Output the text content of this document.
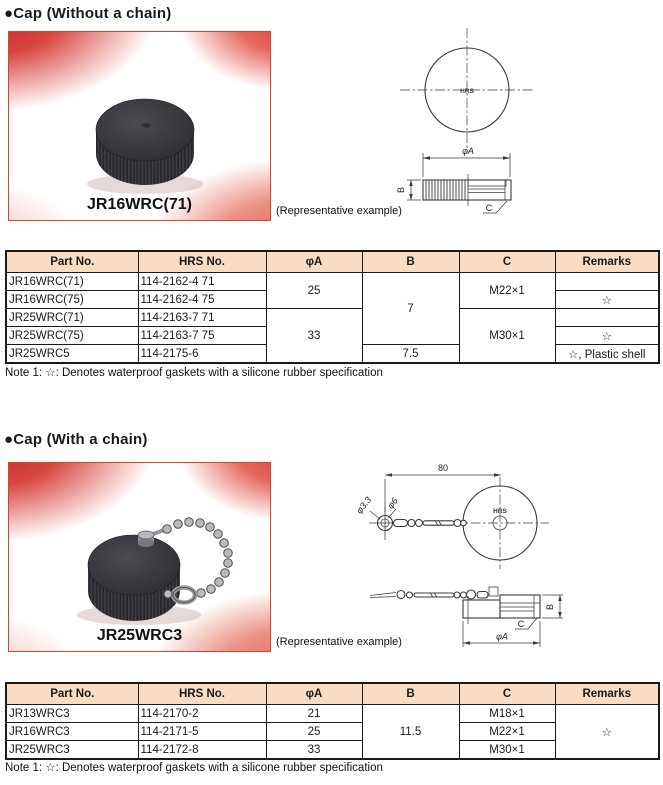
●Cap (Without a chain)
JR16WRC(71)	(Representative example)
HRS
φA
B
C
Part No.	HRS No.	φA	B	C	Remarks
JR16WRC(71)	114-2162-4 71	25	7	M22×1	
JR16WRC(75)	114-2162-4 75				☆
JR25WRC(71)	114-2163-7 71	33		M30×1	
JR25WRC(75)	114-2163-7 75				☆
JR25WRC5	114-2175-6		7.5		☆, Plastic shell
Note 1: ☆: Denotes waterproof gaskets with a silicone rubber specification
●Cap (With a chain)
JR25WRC3	(Representative example)
80
HRS
φ3.3 φ6
B
C
φA
Part No.	HRS No.	φA	B	C	Remarks
JR13WRC3	114-2170-2	21	11.5	M18×1	☆
JR16WRC3	114-2171-5	25		M22×1	
JR25WRC3	114-2172-8	33		M30×1	
Note 1: ☆: Denotes waterproof gaskets with a silicone rubber specification
